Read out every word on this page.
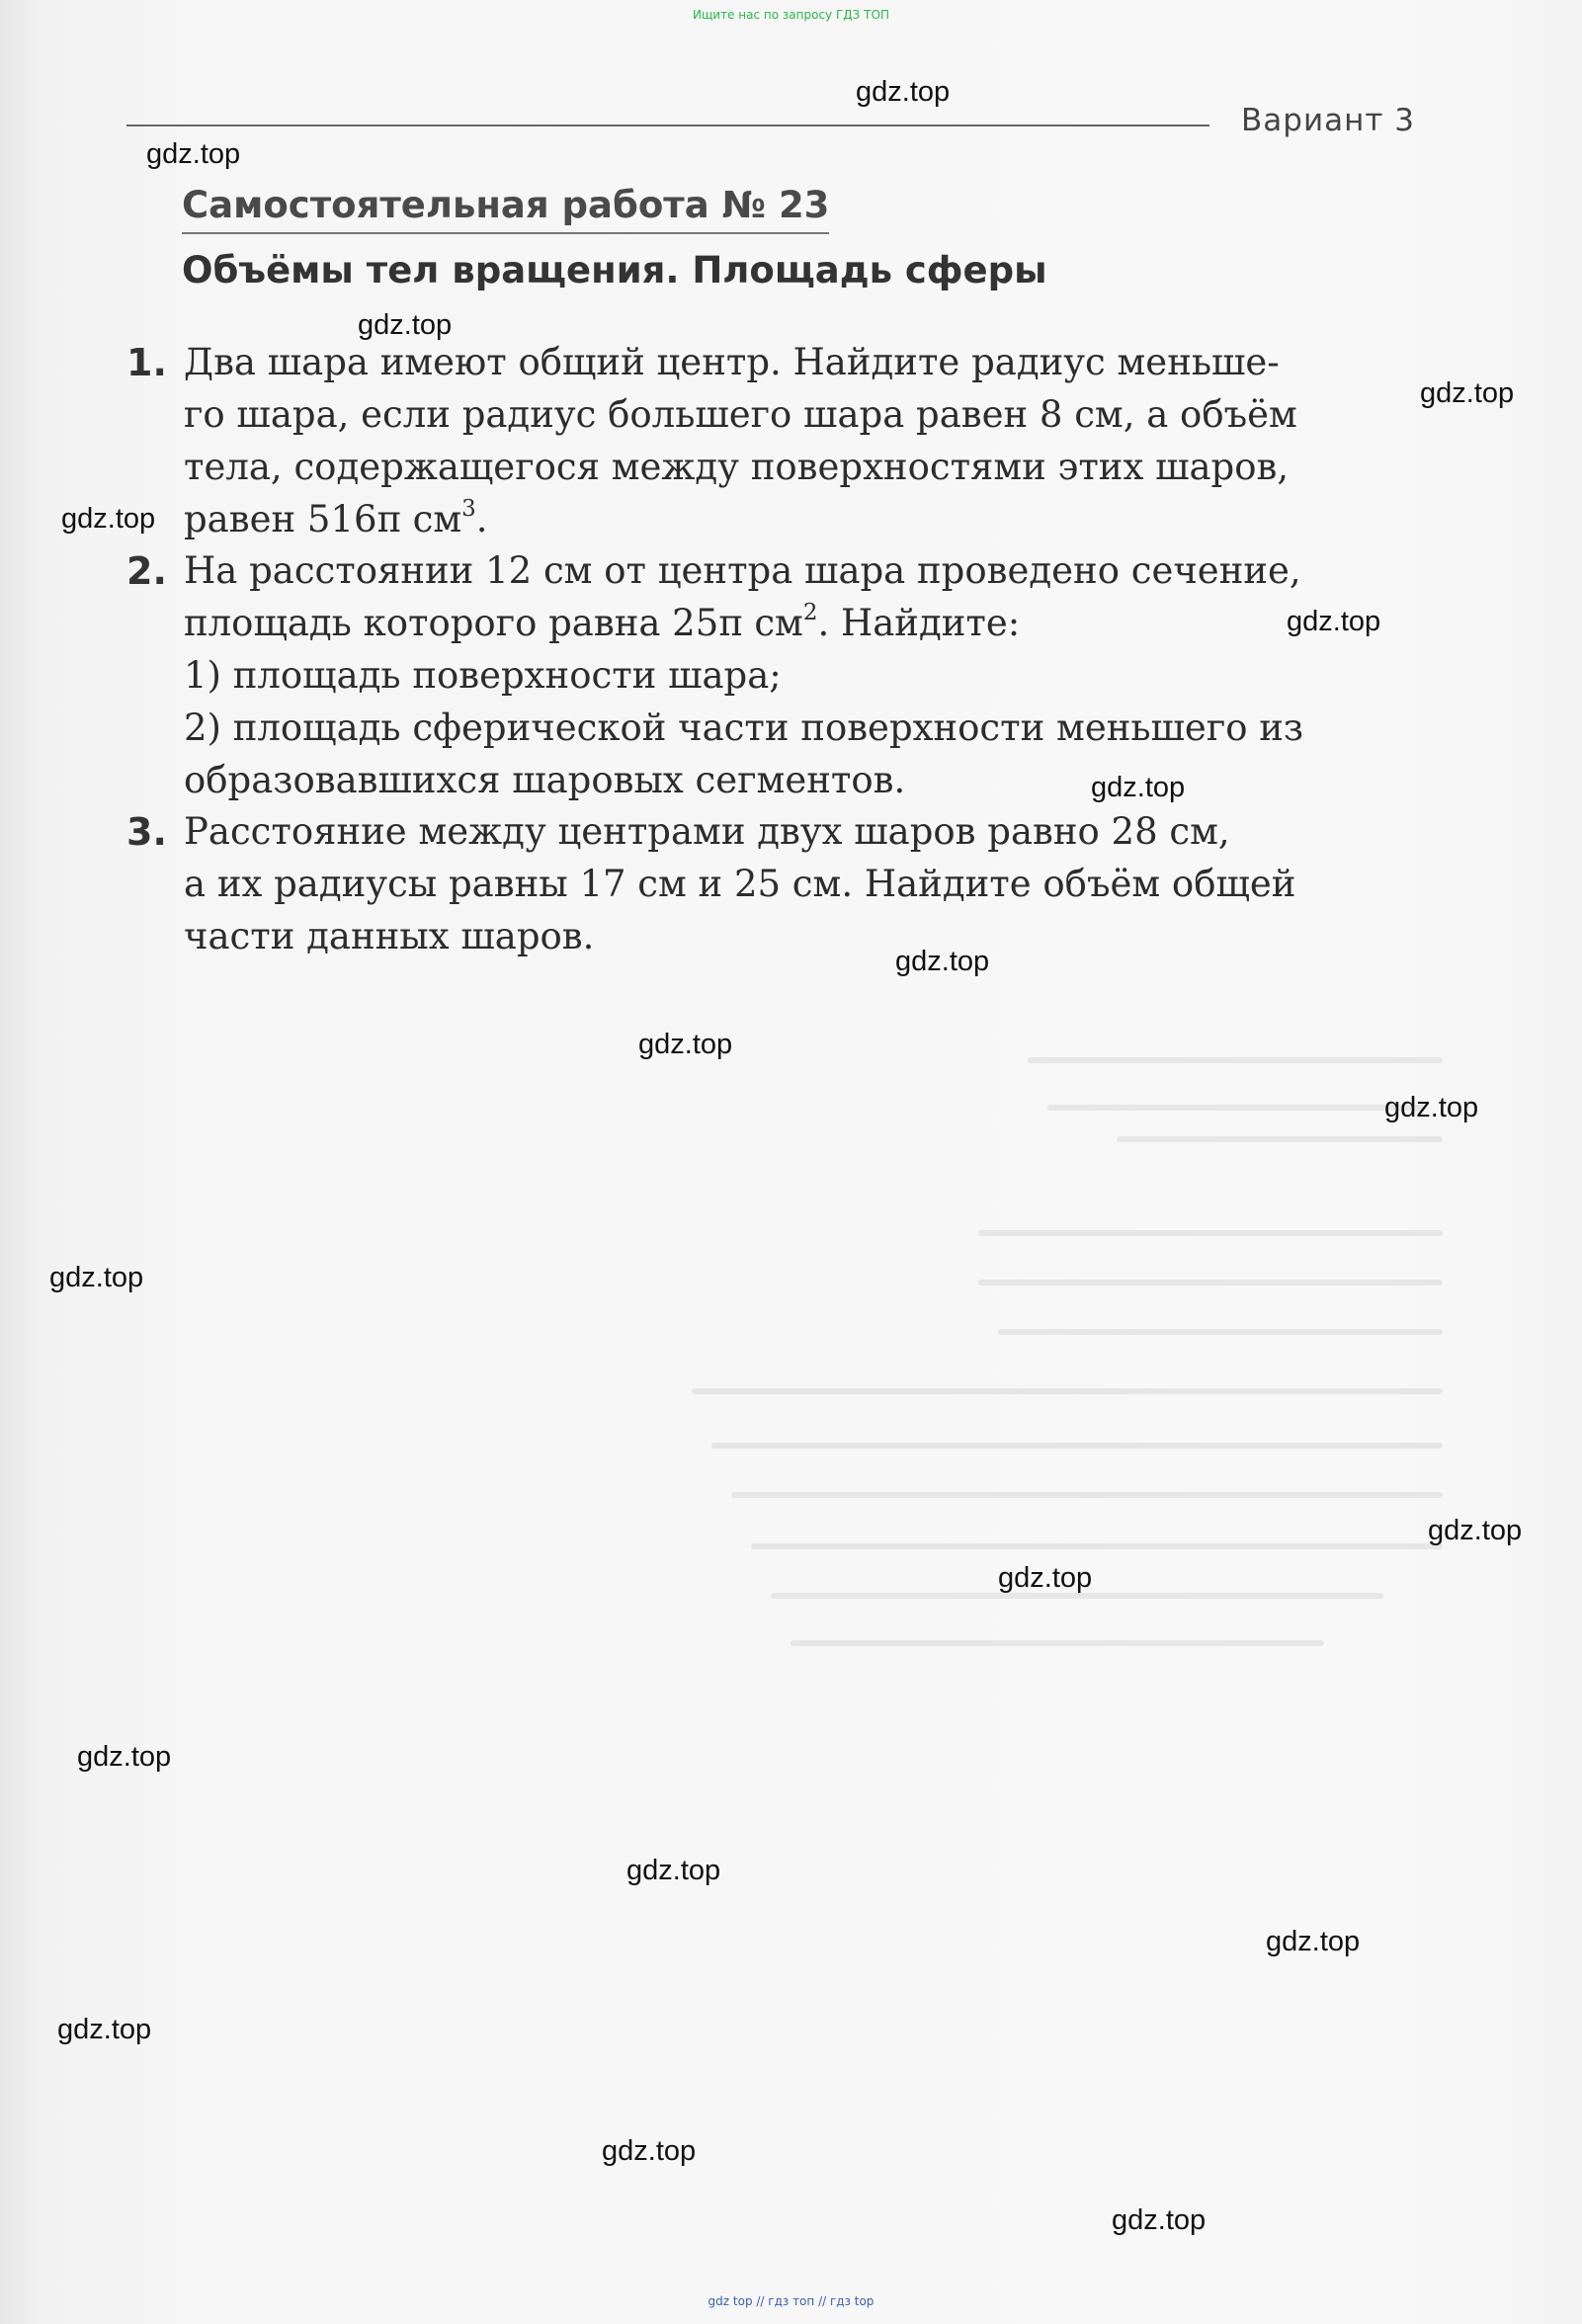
Ищите нас по запросу ГДЗ ТОП
Вариант 3
Самостоятельная работа № 23
Объёмы тел вращения. Площадь сферы
1. Два шара имеют общий центр. Найдите радиус меньше-
го шара, если радиус большего шара равен 8 см, а объём
тела, содержащегося между поверхностями этих шаров,
равен 516π $см^3$.
2. На расстоянии 12 см от центра шара проведено сечение,
площадь которого равна 25π $см^2$. Найдите:
1) площадь поверхности шара;
2) площадь сферической части поверхности меньшего из
образовавшихся шаровых сегментов.
3. Расстояние между центрами двух шаров равно 28 см,
а их радиусы равны 17 см и 25 см. Найдите объём общей
части данных шаров.
gdz.top
gdz.top
gdz.top
gdz.top
gdz.top
gdz.top
gdz.top
gdz.top
gdz.top
gdz.top
gdz.top
gdz.top
gdz.top
gdz.top
gdz.top
gdz.top
gdz.top
gdz.top
gdz.top
gdz top // гдз топ // гдз top
